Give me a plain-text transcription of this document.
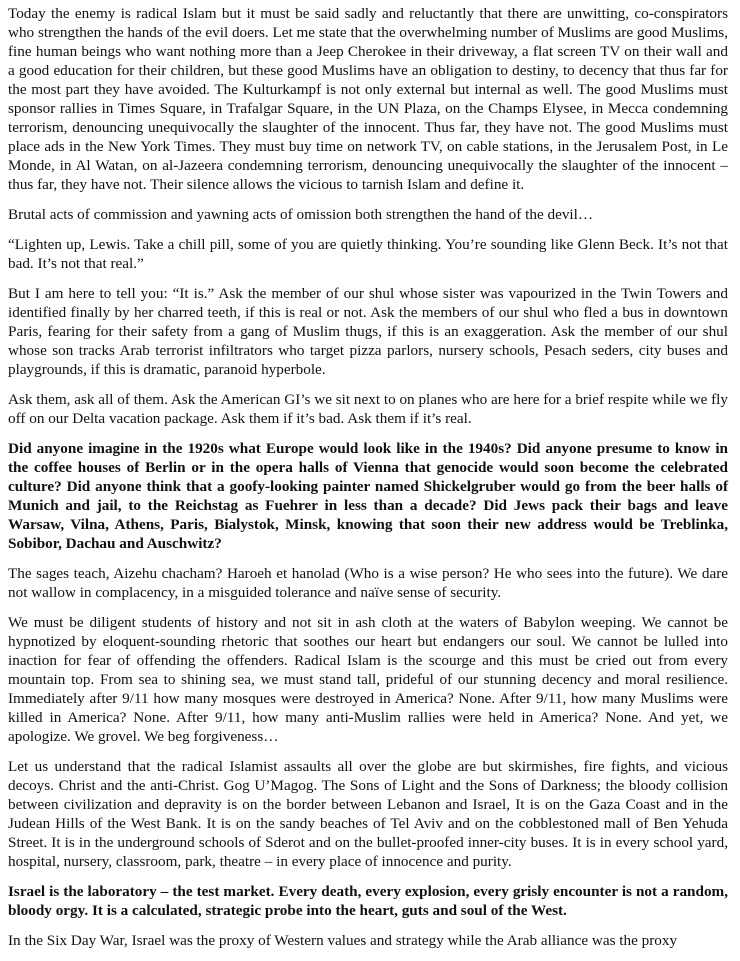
Today the enemy is radical Islam but it must be said sadly and reluctantly that there are unwitting, co-conspirators who strengthen the hands of the evil doers. Let me state that the overwhelming number of Muslims are good Muslims, fine human beings who want nothing more than a Jeep Cherokee in their driveway, a flat screen TV on their wall and a good education for their children, but these good Muslims have an obligation to destiny, to decency that thus far for the most part they have avoided. The Kulturkampf is not only external but internal as well. The good Muslims must sponsor rallies in Times Square, in Trafalgar Square, in the UN Plaza, on the Champs Elysee, in Mecca condemning terrorism, denouncing unequivocally the slaughter of the innocent. Thus far, they have not. The good Muslims must place ads in the New York Times. They must buy time on network TV, on cable stations, in the Jerusalem Post, in Le Monde, in Al Watan, on al-Jazeera condemning terrorism, denouncing unequivocally the slaughter of the innocent – thus far, they have not. Their silence allows the vicious to tarnish Islam and define it.

Brutal acts of commission and yawning acts of omission both strengthen the hand of the devil…

“Lighten up, Lewis. Take a chill pill, some of you are quietly thinking. You’re sounding like Glenn Beck. It’s not that bad. It’s not that real.”

But I am here to tell you: “It is.” Ask the member of our shul whose sister was vapourized in the Twin Towers and identified finally by her charred teeth, if this is real or not. Ask the members of our shul who fled a bus in downtown Paris, fearing for their safety from a gang of Muslim thugs, if this is an exaggeration. Ask the member of our shul whose son tracks Arab terrorist infiltrators who target pizza parlors, nursery schools, Pesach seders, city buses and playgrounds, if this is dramatic, paranoid hyperbole.

Ask them, ask all of them. Ask the American GI’s we sit next to on planes who are here for a brief respite while we fly off on our Delta vacation package. Ask them if it’s bad. Ask them if it’s real.

Did anyone imagine in the 1920s what Europe would look like in the 1940s? Did anyone presume to know in the coffee houses of Berlin or in the opera halls of Vienna that genocide would soon become the celebrated culture? Did anyone think that a goofy-looking painter named Shickelgruber would go from the beer halls of Munich and jail, to the Reichstag as Fuehrer in less than a decade? Did Jews pack their bags and leave Warsaw, Vilna, Athens, Paris, Bialystok, Minsk, knowing that soon their new address would be Treblinka, Sobibor, Dachau and Auschwitz?

The sages teach, Aizehu chacham? Haroeh et hanolad (Who is a wise person? He who sees into the future). We dare not wallow in complacency, in a misguided tolerance and naïve sense of security.

We must be diligent students of history and not sit in ash cloth at the waters of Babylon weeping. We cannot be hypnotized by eloquent-sounding rhetoric that soothes our heart but endangers our soul. We cannot be lulled into inaction for fear of offending the offenders. Radical Islam is the scourge and this must be cried out from every mountain top. From sea to shining sea, we must stand tall, prideful of our stunning decency and moral resilience. Immediately after 9/11 how many mosques were destroyed in America? None. After 9/11, how many Muslims were killed in America? None. After 9/11, how many anti-Muslim rallies were held in America? None. And yet, we apologize. We grovel. We beg forgiveness…

Let us understand that the radical Islamist assaults all over the globe are but skirmishes, fire fights, and vicious decoys. Christ and the anti-Christ. Gog U’Magog. The Sons of Light and the Sons of Darkness; the bloody collision between civilization and depravity is on the border between Lebanon and Israel, It is on the Gaza Coast and in the Judean Hills of the West Bank. It is on the sandy beaches of Tel Aviv and on the cobblestoned mall of Ben Yehuda Street. It is in the underground schools of Sderot and on the bullet-proofed inner-city buses. It is in every school yard, hospital, nursery, classroom, park, theatre – in every place of innocence and purity.

Israel is the laboratory – the test market. Every death, every explosion, every grisly encounter is not a random, bloody orgy. It is a calculated, strategic probe into the heart, guts and soul of the West.

In the Six Day War, Israel was the proxy of Western values and strategy while the Arab alliance was the proxy
